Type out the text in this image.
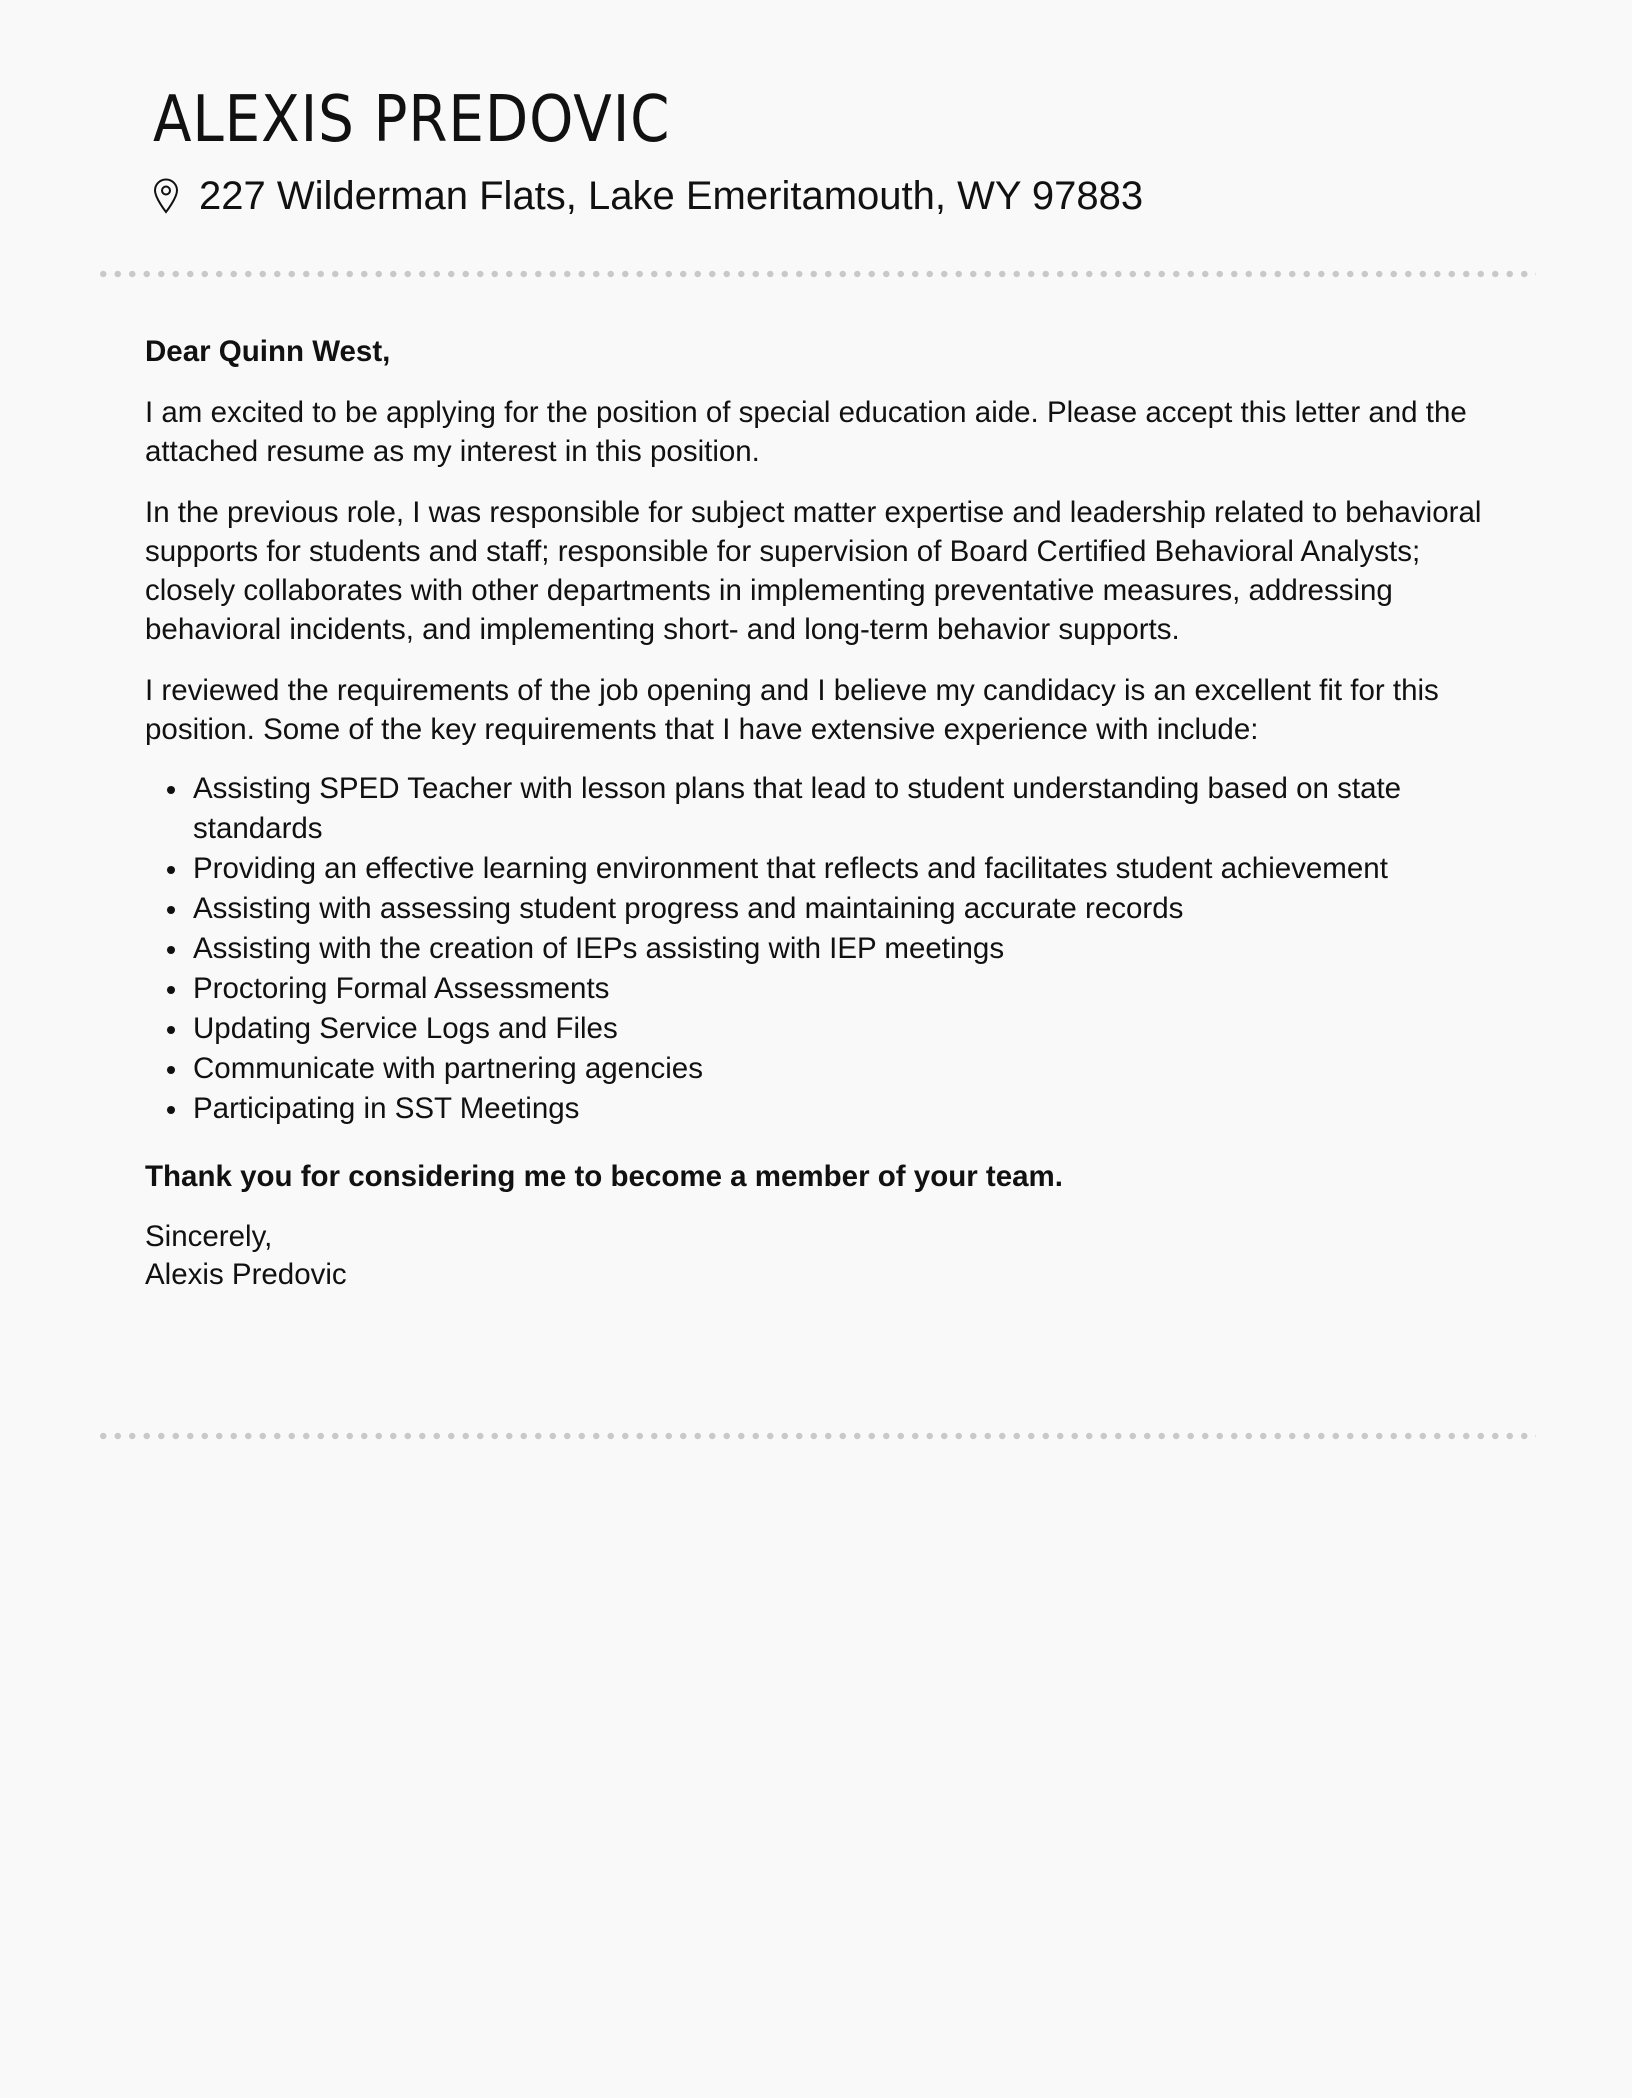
ALEXIS PREDOVIC
227 Wilderman Flats, Lake Emeritamouth, WY 97883

Dear Quinn West,

I am excited to be applying for the position of special education aide. Please accept this letter and the attached resume as my interest in this position.

In the previous role, I was responsible for subject matter expertise and leadership related to behavioral supports for students and staff; responsible for supervision of Board Certified Behavioral Analysts; closely collaborates with other departments in implementing preventative measures, addressing behavioral incidents, and implementing short- and long-term behavior supports.

I reviewed the requirements of the job opening and I believe my candidacy is an excellent fit for this position. Some of the key requirements that I have extensive experience with include:

Assisting SPED Teacher with lesson plans that lead to student understanding based on state standards
Providing an effective learning environment that reflects and facilitates student achievement
Assisting with assessing student progress and maintaining accurate records
Assisting with the creation of IEPs assisting with IEP meetings
Proctoring Formal Assessments
Updating Service Logs and Files
Communicate with partnering agencies
Participating in SST Meetings

Thank you for considering me to become a member of your team.

Sincerely,
Alexis Predovic
